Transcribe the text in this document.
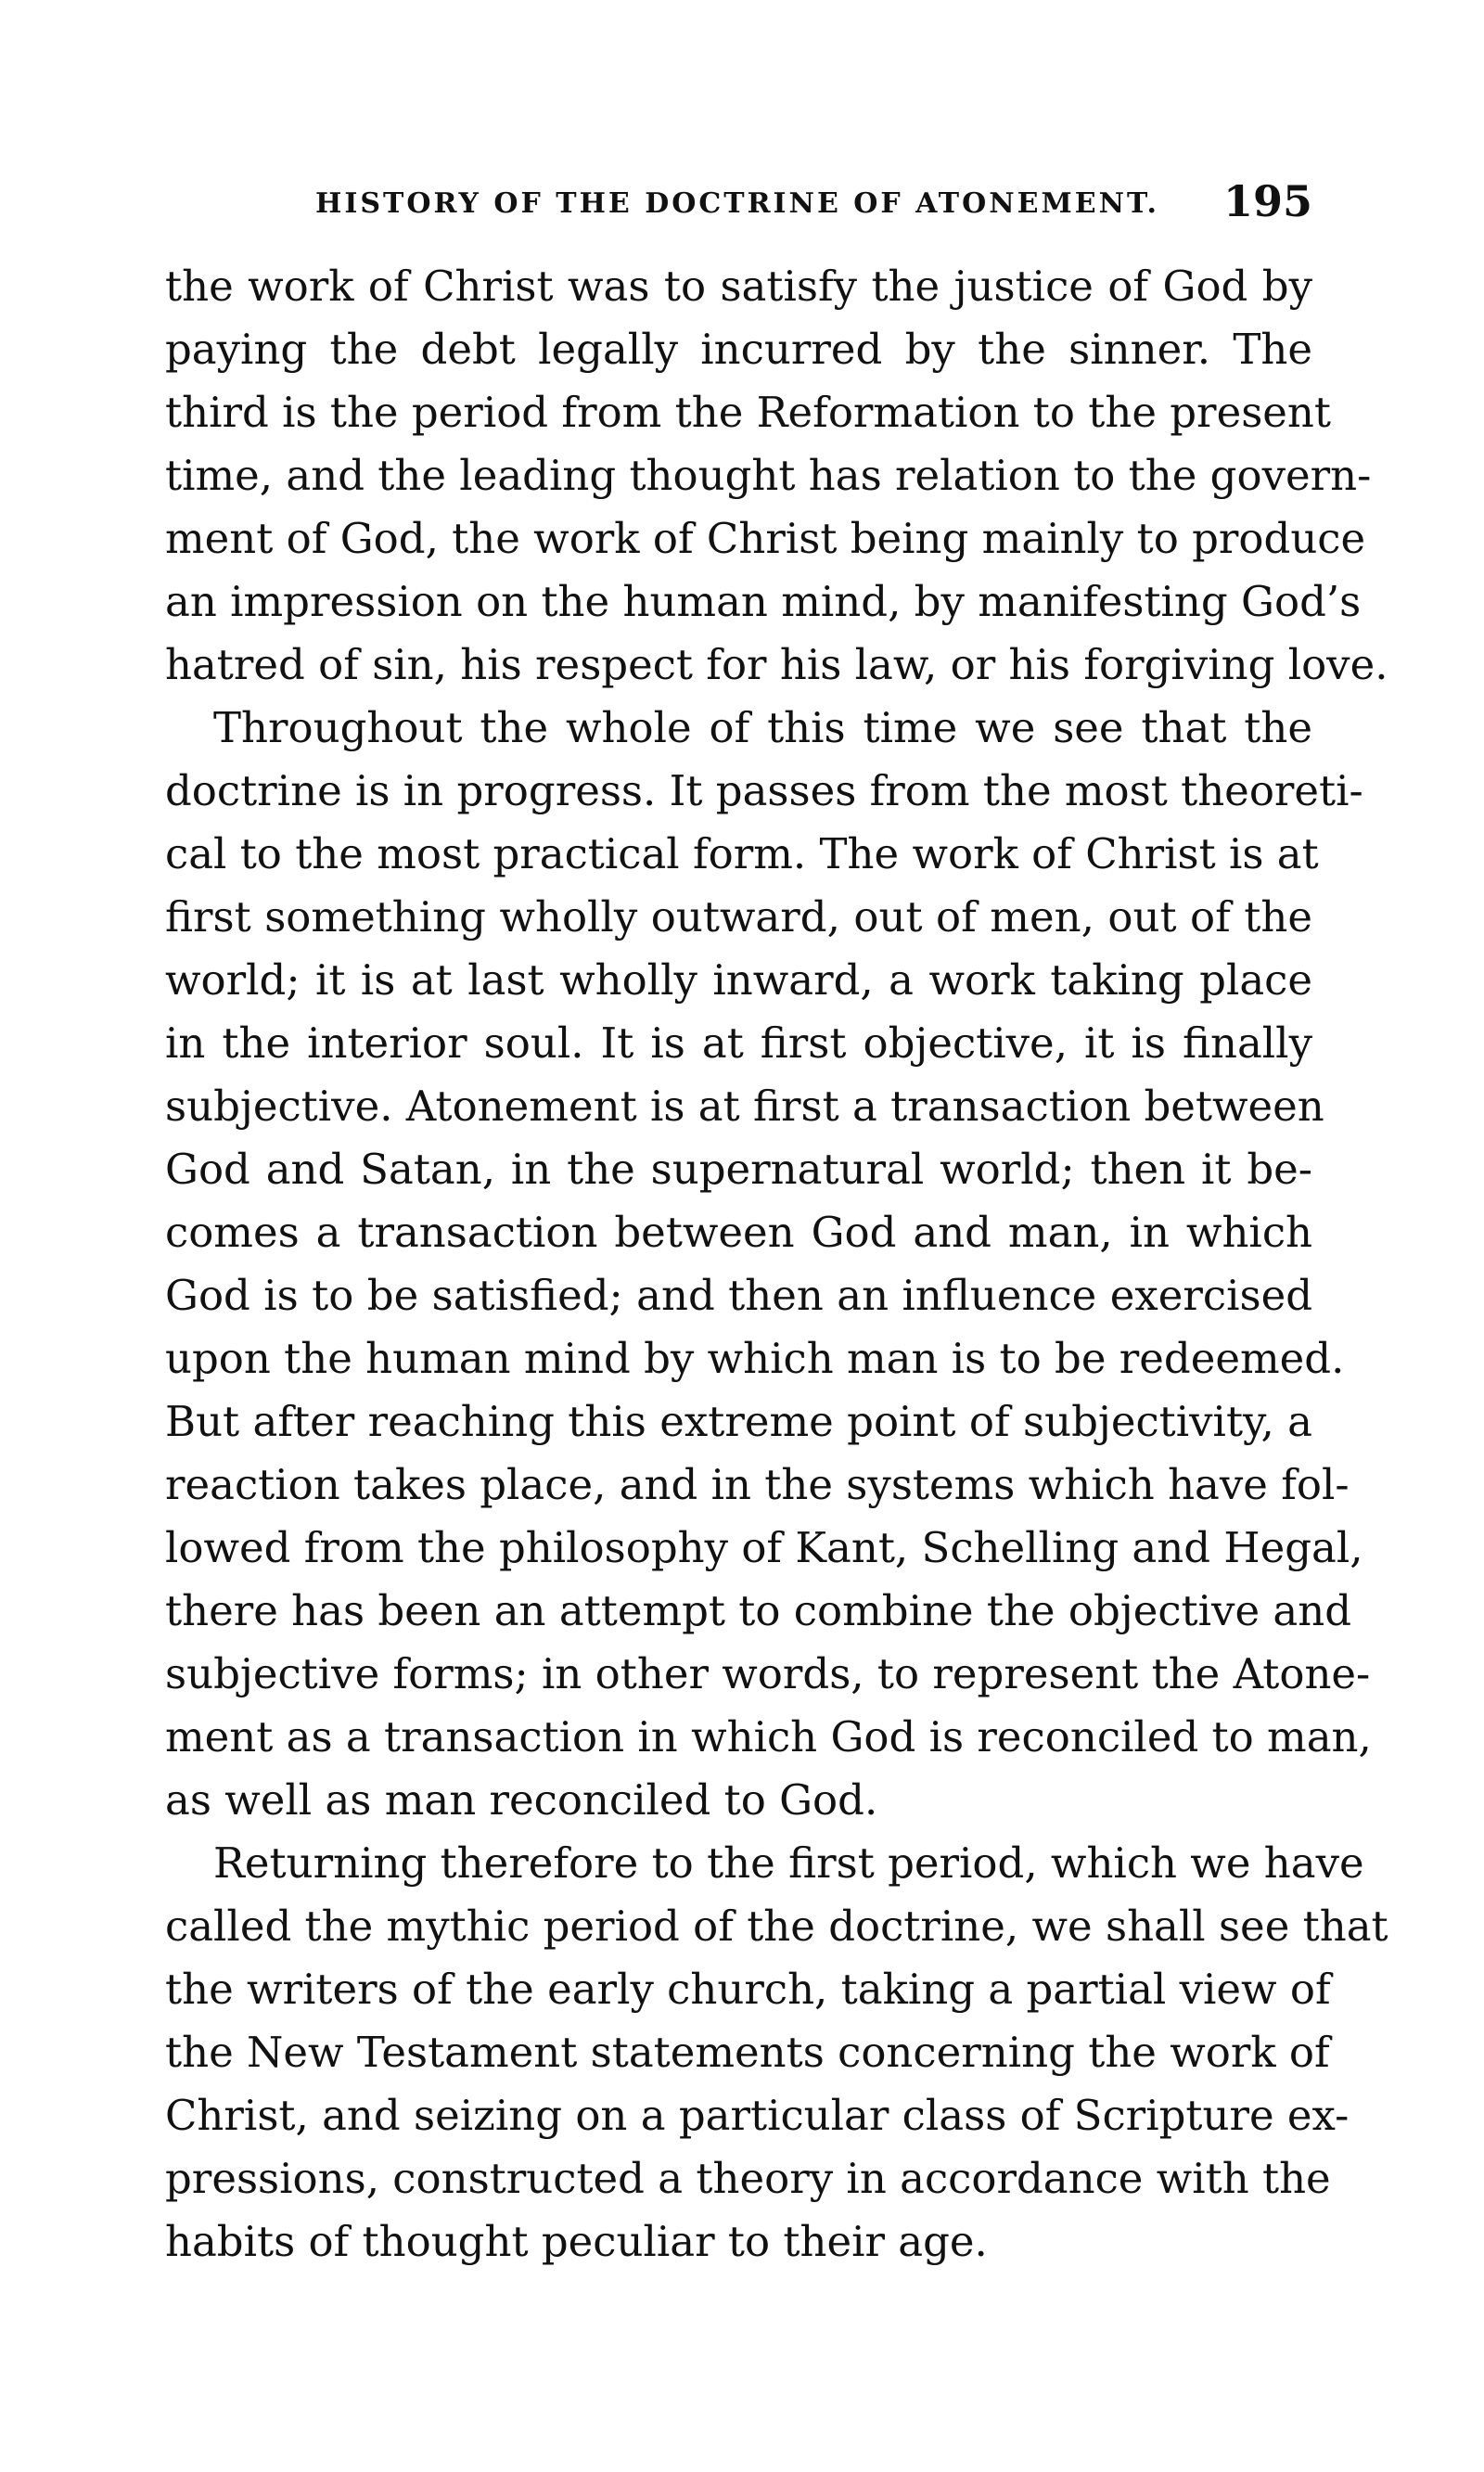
HISTORY OF THE DOCTRINE OF ATONEMENT. 195
the work of Christ was to satisfy the justice of God by
paying the debt legally incurred by the sinner. The
third is the period from the Reformation to the present
time, and the leading thought has relation to the govern-
ment of God, the work of Christ being mainly to produce
an impression on the human mind, by manifesting God’s
hatred of sin, his respect for his law, or his forgiving love.
Throughout the whole of this time we see that the
doctrine is in progress. It passes from the most theoreti-
cal to the most practical form. The work of Christ is at
first something wholly outward, out of men, out of the
world; it is at last wholly inward, a work taking place
in the interior soul. It is at first objective, it is finally
subjective. Atonement is at first a transaction between
God and Satan, in the supernatural world; then it be-
comes a transaction between God and man, in which
God is to be satisfied; and then an influence exercised
upon the human mind by which man is to be redeemed.
But after reaching this extreme point of subjectivity, a
reaction takes place, and in the systems which have fol-
lowed from the philosophy of Kant, Schelling and Hegal,
there has been an attempt to combine the objective and
subjective forms; in other words, to represent the Atone-
ment as a transaction in which God is reconciled to man,
as well as man reconciled to God.
Returning therefore to the first period, which we have
called the mythic period of the doctrine, we shall see that
the writers of the early church, taking a partial view of
the New Testament statements concerning the work of
Christ, and seizing on a particular class of Scripture ex-
pressions, constructed a theory in accordance with the
habits of thought peculiar to their age.
